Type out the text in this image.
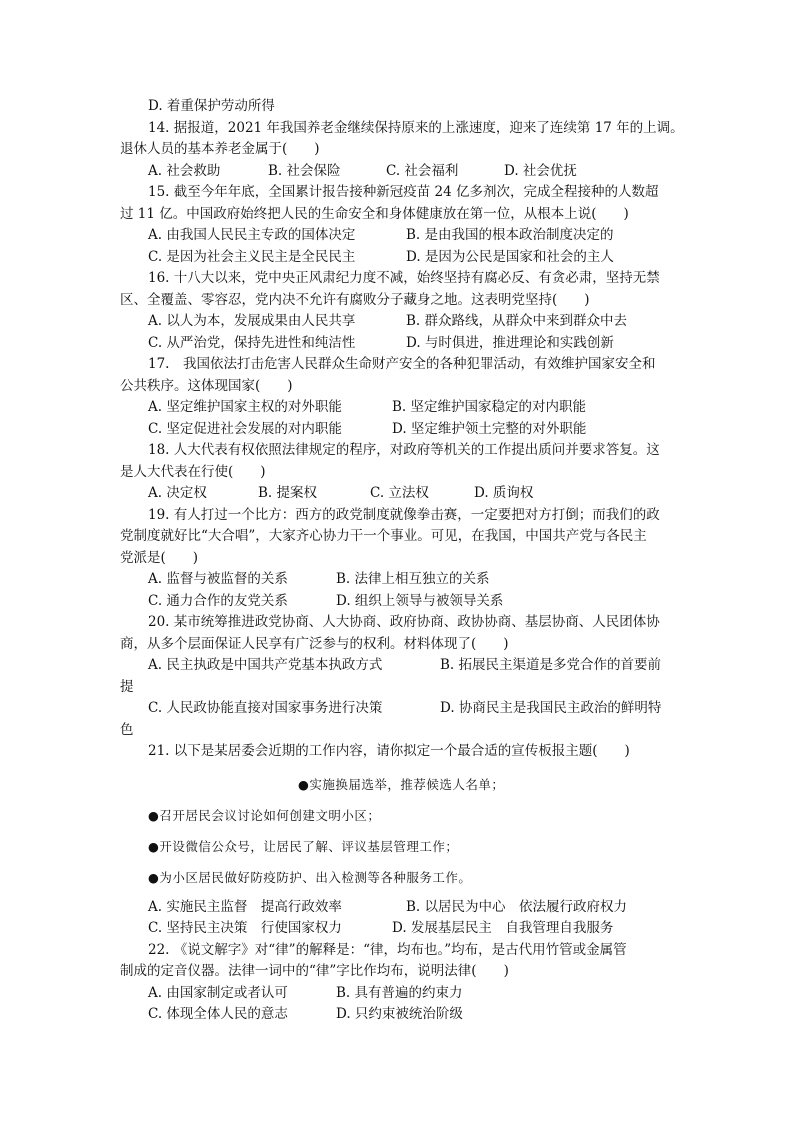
D. 着重保护劳动所得
14. 据报道，2021 年我国养老金继续保持原来的上涨速度，迎来了连续第 17 年的上调。
退休人员的基本养老金属于(　　)
A. 社会救助	B. 社会保险	C. 社会福利	D. 社会优抚
15. 截至今年年底，全国累计报告接种新冠疫苗 24 亿多剂次，完成全程接种的人数超
过 11 亿。中国政府始终把人民的生命安全和身体健康放在第一位，从根本上说(　　)
A. 由我国人民民主专政的国体决定	B. 是由我国的根本政治制度决定的
C. 是因为社会主义民主是全民民主	D. 是因为公民是国家和社会的主人
16. 十八大以来，党中央正风肃纪力度不减，始终坚持有腐必反、有贪必肃，坚持无禁
区、全覆盖、零容忍，党内决不允许有腐败分子藏身之地。这表明党坚持(　　)
A. 以人为本，发展成果由人民共享	B. 群众路线，从群众中来到群众中去
C. 从严治党，保持先进性和纯洁性	D. 与时俱进，推进理论和实践创新
17.　我国依法打击危害人民群众生命财产安全的各种犯罪活动，有效维护国家安全和
公共秩序。这体现国家(　　)
A. 坚定维护国家主权的对外职能	B. 坚定维护国家稳定的对内职能
C. 坚定促进社会发展的对内职能	D. 坚定维护领土完整的对外职能
18. 人大代表有权依照法律规定的程序，对政府等机关的工作提出质问并要求答复。这
是人大代表在行使(　　)
A. 决定权	B. 提案权	C. 立法权	D. 质询权
19. 有人打过一个比方：西方的政党制度就像拳击赛，一定要把对方打倒；而我们的政
党制度就好比“大合唱”，大家齐心协力干一个事业。可见，在我国，中国共产党与各民主
党派是(　　)
A. 监督与被监督的关系	B. 法律上相互独立的关系
C. 通力合作的友党关系	D. 组织上领导与被领导关系
20. 某市统筹推进政党协商、人大协商、政府协商、政协协商、基层协商、人民团体协
商，从多个层面保证人民享有广泛参与的权利。材料体现了(　　)
A. 民主执政是中国共产党基本执政方式	B. 拓展民主渠道是多党合作的首要前
提
C. 人民政协能直接对国家事务进行决策	D. 协商民主是我国民主政治的鲜明特
色
21. 以下是某居委会近期的工作内容，请你拟定一个最合适的宣传板报主题(　　)
●实施换届选举，推荐候选人名单；
●召开居民会议讨论如何创建文明小区；
●开设微信公众号，让居民了解、评议基层管理工作；
●为小区居民做好防疫防护、出入检测等各种服务工作。
A. 实施民主监督　提高行政效率	B. 以居民为中心　依法履行政府权力
C. 坚持民主决策　行使国家权力	D. 发展基层民主　自我管理自我服务
22. 《说文解字》对“律”的解释是：“律，均布也。”均布，是古代用竹管或金属管
制成的定音仪器。法律一词中的“律”字比作均布，说明法律(　　)
A. 由国家制定或者认可	B. 具有普遍的约束力
C. 体现全体人民的意志	D. 只约束被统治阶级
